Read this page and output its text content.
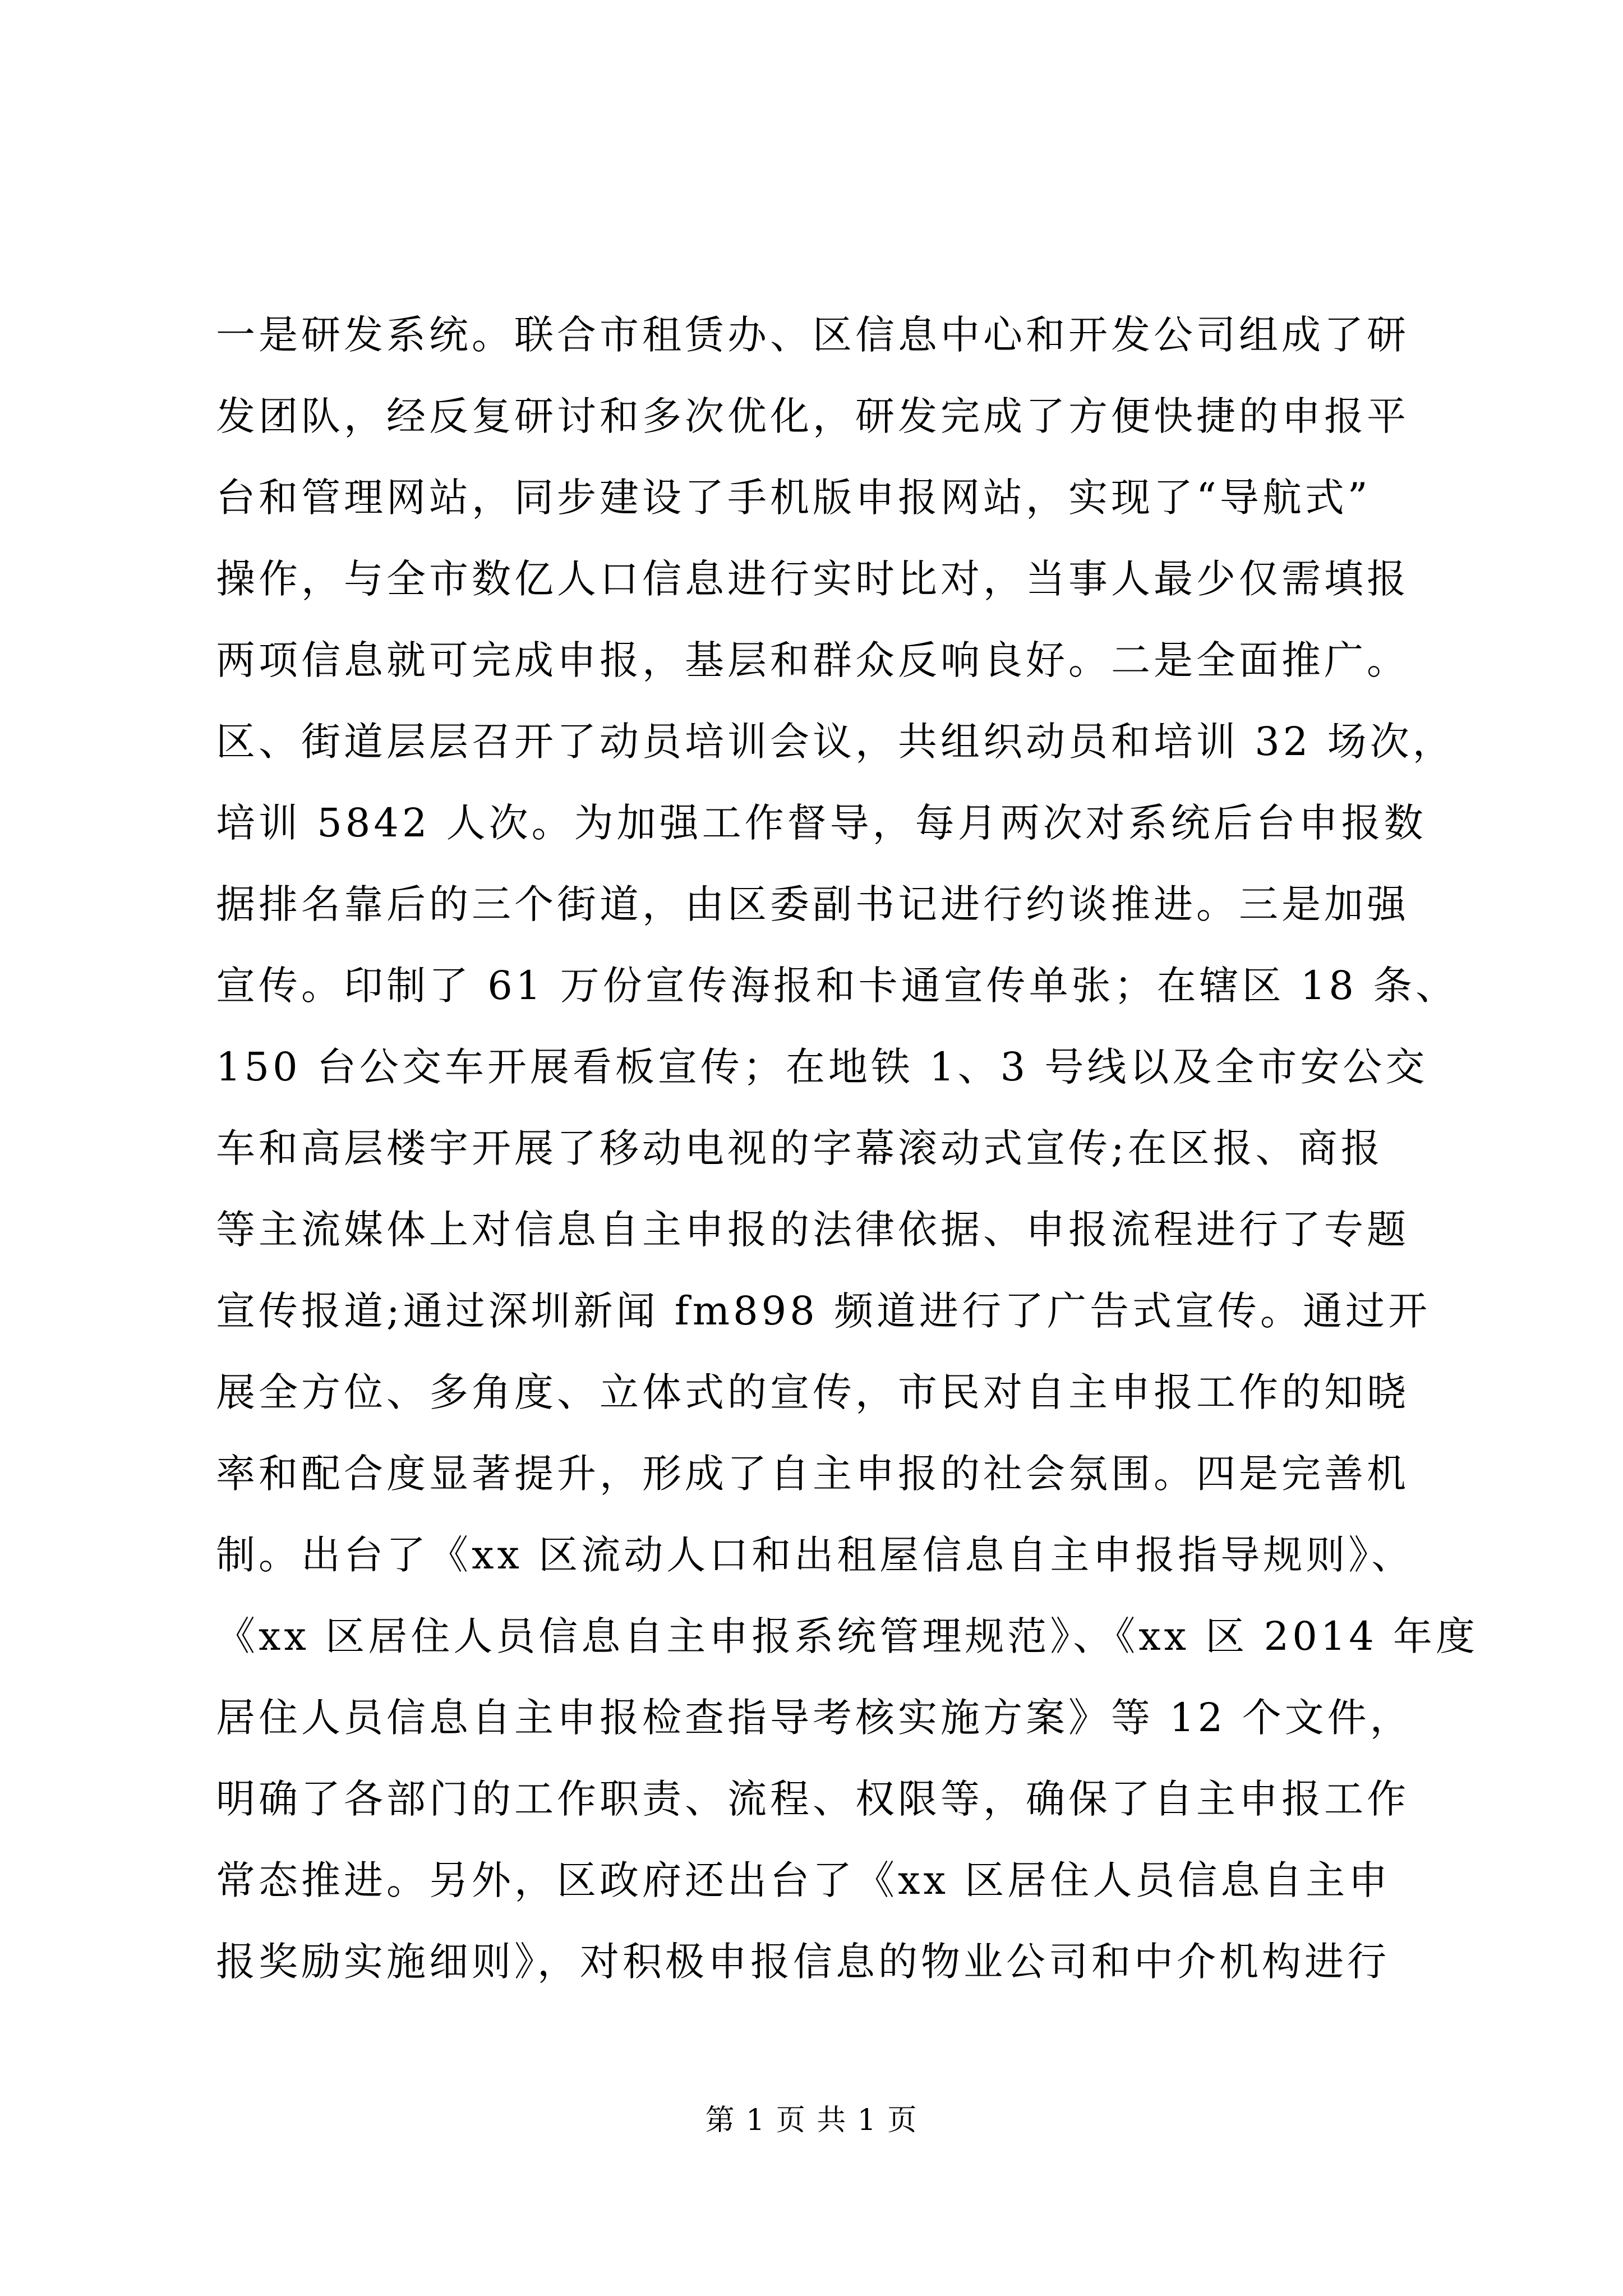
一是研发系统。联合市租赁办、区信息中心和开发公司组成了研
发团队，经反复研讨和多次优化，研发完成了方便快捷的申报平
台和管理网站，同步建设了手机版申报网站，实现了“导航式”
操作，与全市数亿人口信息进行实时比对，当事人最少仅需填报
两项信息就可完成申报，基层和群众反响良好。二是全面推广。
区、街道层层召开了动员培训会议，共组织动员和培训 32 场次，
培训 5842 人次。为加强工作督导，每月两次对系统后台申报数
据排名靠后的三个街道，由区委副书记进行约谈推进。三是加强
宣传。印制了 61 万份宣传海报和卡通宣传单张；在辖区 18 条、
150 台公交车开展看板宣传；在地铁 1、3 号线以及全市安公交
车和高层楼宇开展了移动电视的字幕滚动式宣传;在区报、商报
等主流媒体上对信息自主申报的法律依据、申报流程进行了专题
宣传报道;通过深圳新闻 fm898 频道进行了广告式宣传。通过开
展全方位、多角度、立体式的宣传，市民对自主申报工作的知晓
率和配合度显著提升，形成了自主申报的社会氛围。四是完善机
制。出台了《xx 区流动人口和出租屋信息自主申报指导规则》、
《xx 区居住人员信息自主申报系统管理规范》、《xx 区 2014 年度
居住人员信息自主申报检查指导考核实施方案》等 12 个文件，
明确了各部门的工作职责、流程、权限等，确保了自主申报工作
常态推进。另外，区政府还出台了《xx 区居住人员信息自主申
报奖励实施细则》，对积极申报信息的物业公司和中介机构进行
第 1 页 共 1 页
